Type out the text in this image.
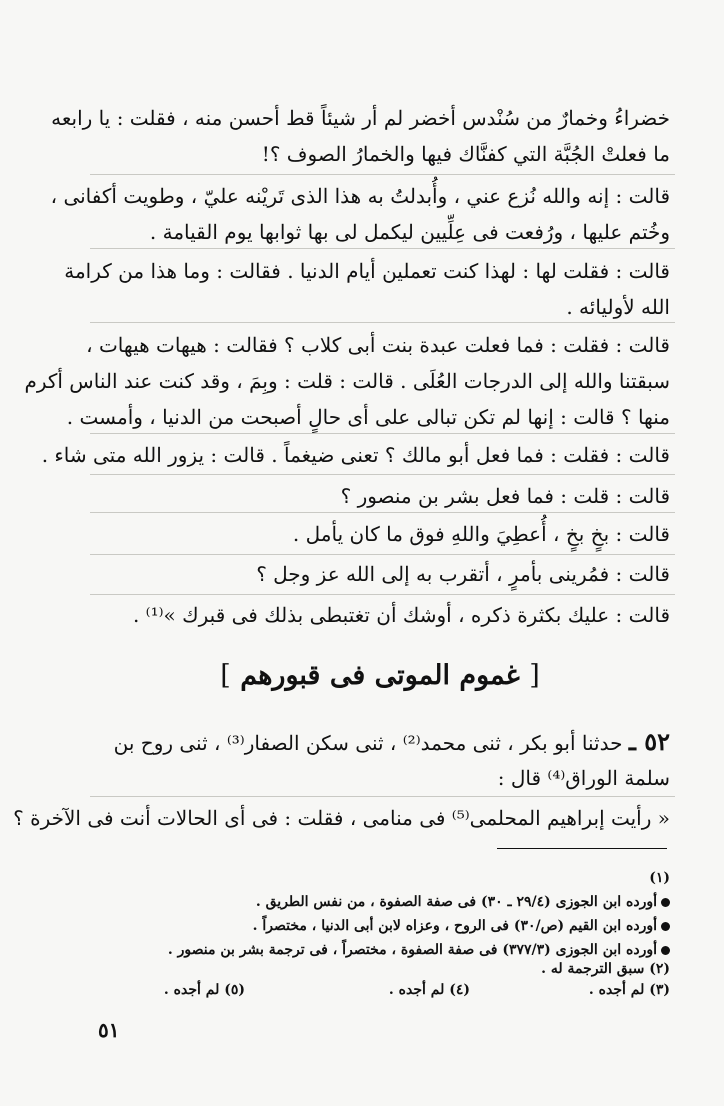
خضراءُ وخمارٌ من سُنْدس أخضر لم أر شيئاً قط أحسن منه ، فقلت : يا رابعه
ما فعلتْ الجُبَّة التي كفنَّاك فيها والخمارُ الصوف ؟!
قالت : إنه والله نُزع عني ، وأُبدلتُ به هذا الذى تَريْنه عليّ ، وطويت أكفانى ،
وخُتم عليها ، ورُفعت فى عِلِّيين ليكمل لى بها ثوابها يوم القيامة .
قالت : فقلت لها : لهذا كنت تعملين أيام الدنيا . فقالت : وما هذا من كرامة
الله لأوليائه .
قالت : فقلت : فما فعلت عبدة بنت أبى كلاب ؟ فقالت : هيهات هيهات ،
سبقتنا والله إلى الدرجات العُلَى . قالت : قلت : وبِمَ ، وقد كنت عند الناس أكرم
منها ؟ قالت : إنها لم تكن تبالى على أى حالٍ أصبحت من الدنيا ، وأمست .
قالت : فقلت : فما فعل أبو مالك ؟ تعنى ضيغماً . قالت : يزور الله متى شاء .
قالت : قلت : فما فعل بشر بن منصور ؟
قالت : بخٍ بخٍ ، أُعطِيَ واللهِ فوق ما كان يأمل .
قالت : فمُرينى بأمرٍ ، أتقرب به إلى الله عز وجل ؟
قالت : عليك بكثرة ذكره ، أوشك أن تغتبطى بذلك فى قبرك »⁽¹⁾ .
[ غموم الموتى فى قبورهم ]
٥٢ ـ حدثنا أبو بكر ، ثنى محمد⁽²⁾ ، ثنى سكن الصفار⁽³⁾ ، ثنى روح بن
سلمة الوراق⁽⁴⁾ قال :
« رأيت إبراهيم المحلمى⁽⁵⁾ فى منامى ، فقلت : فى أى الحالات أنت فى الآخرة ؟
(١)
أورده ابن الجوزى (٢٩/٤ ـ ٣٠) فى صفة الصفوة ، من نفس الطريق .
أورده ابن القيم (ص/٣٠) فى الروح ، وعزاه لابن أبى الدنيا ، مختصراً .
أورده ابن الجوزى (٣٧٧/٣) فى صفة الصفوة ، مختصراً ، فى ترجمة بشر بن منصور .
(٢) سبق الترجمة له .
(٣) لم أجده .
(٤) لم أجده .
(٥) لم أجده .
٥١
